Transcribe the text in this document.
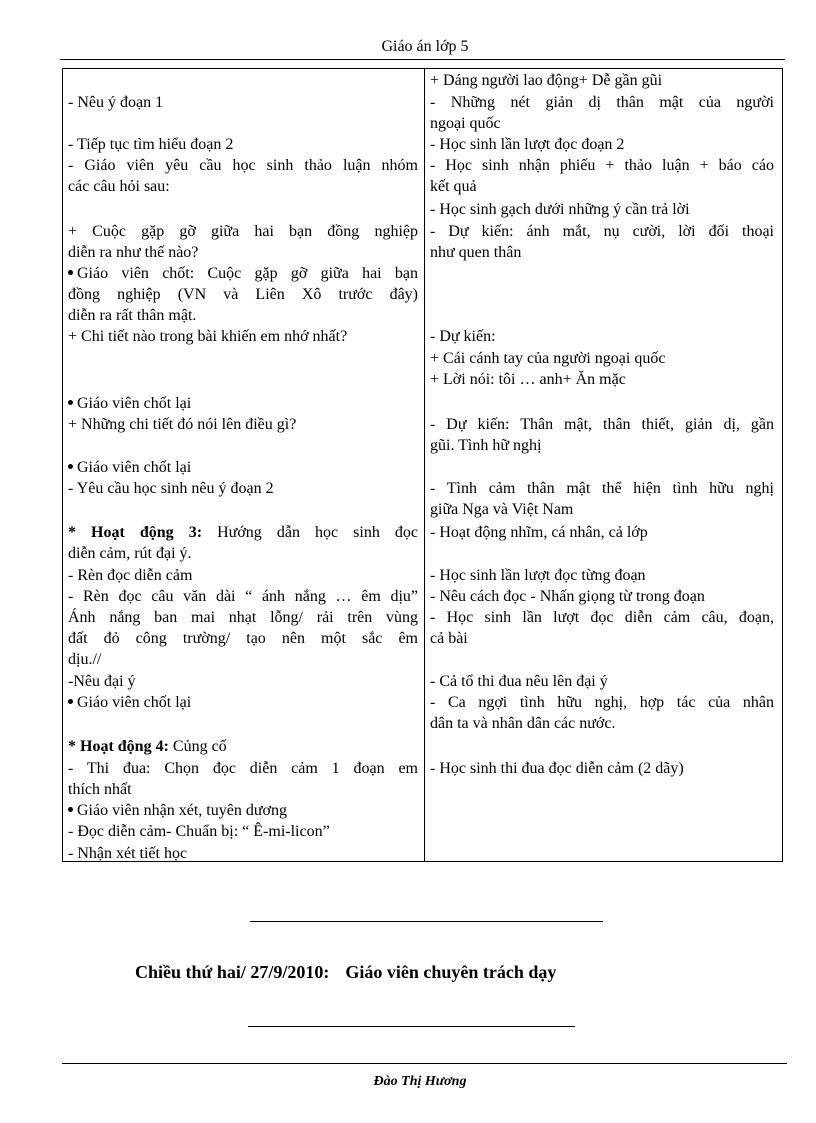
Giáo án lớp 5
- Nêu ý đoạn 1
- Tiếp tục tìm hiểu đoạn 2
- Giáo viên yêu cầu học sinh thảo luận nhóm
các câu hỏi sau:
+ Cuộc gặp gỡ giữa hai bạn đồng nghiệp
diễn ra như thế nào?
Giáo viên chốt: Cuộc gặp gỡ giữa hai bạn
đồng nghiệp (VN và Liên Xô trước đây)
diễn ra rất thân mật.
+ Chi tiết nào trong bài khiến em nhớ nhất?
Giáo viên chốt lại
+ Những chi tiết đó nói lên điều gì?
Giáo viên chốt lại
- Yêu cầu học sinh nêu ý đoạn 2
* Hoạt động 3: Hướng dẫn học sinh đọc
diễn cảm, rút đại ý.
- Rèn đọc diễn cảm
- Rèn đọc câu văn dài “ ánh nắng … êm dịu”
Ánh nắng ban mai nhạt lỗng/ rải trên vùng
đất đỏ công trường/ tạo nên một sắc êm
dịu.//
-Nêu đại ý
Giáo viên chốt lại
* Hoạt động 4: Củng cố
- Thi đua: Chọn đọc diễn cảm 1 đoạn em
thích nhất
Giáo viên nhận xét, tuyên dương
- Đọc diễn cảm- Chuẩn bị: “ Ê-mi-licon”
- Nhận xét tiết học
+ Dáng người lao động+ Dễ gần gũi
- Những nét giản dị thân mật của người
ngoại quốc
- Học sinh lần lượt đọc đoạn 2
- Học sinh nhận phiếu + thảo luận + báo cáo
kết quả
- Học sinh gạch dưới những ý cần trả lời
- Dự kiến: ánh mắt, nụ cười, lời đối thoại
như quen thân
- Dự kiến:
+ Cái cánh tay của người ngoại quốc
+ Lời nói: tôi … anh+ Ăn mặc
- Dự kiến: Thân mật, thân thiết, giản dị, gần
gũi. Tình hữ nghị
- Tình cảm thân mật thể hiện tình hữu nghị
giữa Nga và Việt Nam
- Hoạt động nhĩm, cá nhân, cả lớp
- Học sinh lần lượt đọc từng đoạn
- Nêu cách đọc - Nhấn giọng từ trong đoạn
- Học sinh lần lượt đọc diễn cảm câu, đoạn,
cả bài
- Cả tổ thi đua nêu lên đại ý
- Ca ngợi tình hữu nghị, hợp tác của nhân
dân ta và nhân dân các nước.
- Học sinh thi đua đọc diễn cảm (2 dãy)
Chiều thứ hai/ 27/9/2010: Giáo viên chuyên trách dạy
Đào Thị Hương
